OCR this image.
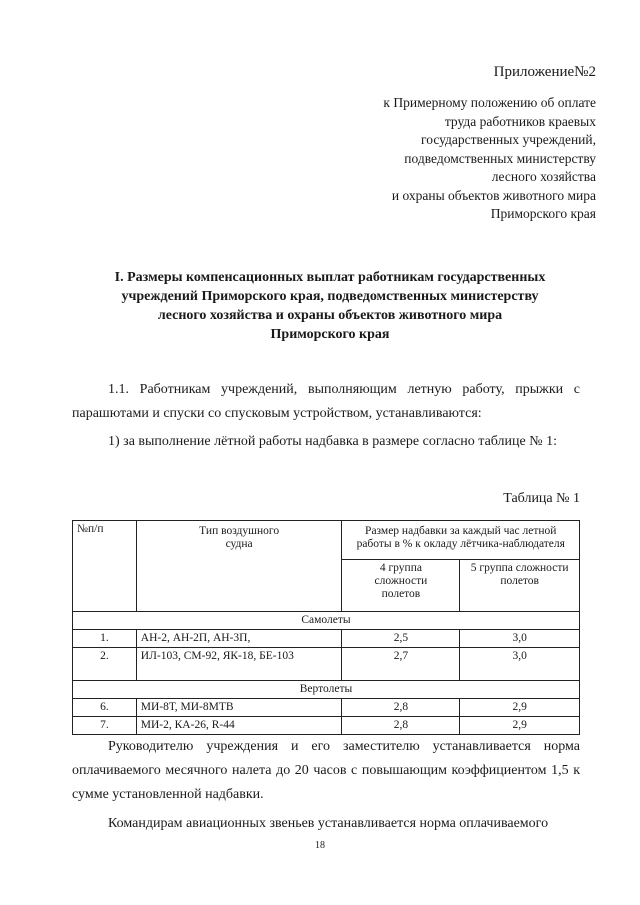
Приложение№2
к Примерному положению об оплате
труда работников краевых
государственных учреждений,
подведомственных министерству
лесного хозяйства
и охраны объектов животного мира
Приморского края
I. Размеры компенсационных выплат работникам государственных
учреждений Приморского края, подведомственных министерству
лесного хозяйства и охраны объектов животного мира
Приморского края
1.1. Работникам учреждений, выполняющим летную работу, прыжки с парашютами и спуски со спусковым устройством, устанавливаются:
1) за выполнение лётной работы надбавка в размере согласно таблице № 1:
Таблица № 1
№п/п	Тип воздушного судна	Размер надбавки за каждый час летной работы в % к окладу лётчика-наблюдателя	
		4 группа сложности полетов	5 группа сложности полетов
Самолеты			
1.	АН-2, АН-2П, АН-3П,	2,5	3,0
2.	ИЛ-103, СМ-92, ЯК-18, БЕ-103	2,7	3,0
Вертолеты			
6.	МИ-8Т, МИ-8МТВ	2,8	2,9
7.	МИ-2, КА-26, R-44	2,8	2,9
Руководителю учреждения и его заместителю устанавливается норма оплачиваемого месячного налета до 20 часов с повышающим коэффициентом 1,5 к сумме установленной надбавки.
Командирам авиационных звеньев устанавливается норма оплачиваемого
18
